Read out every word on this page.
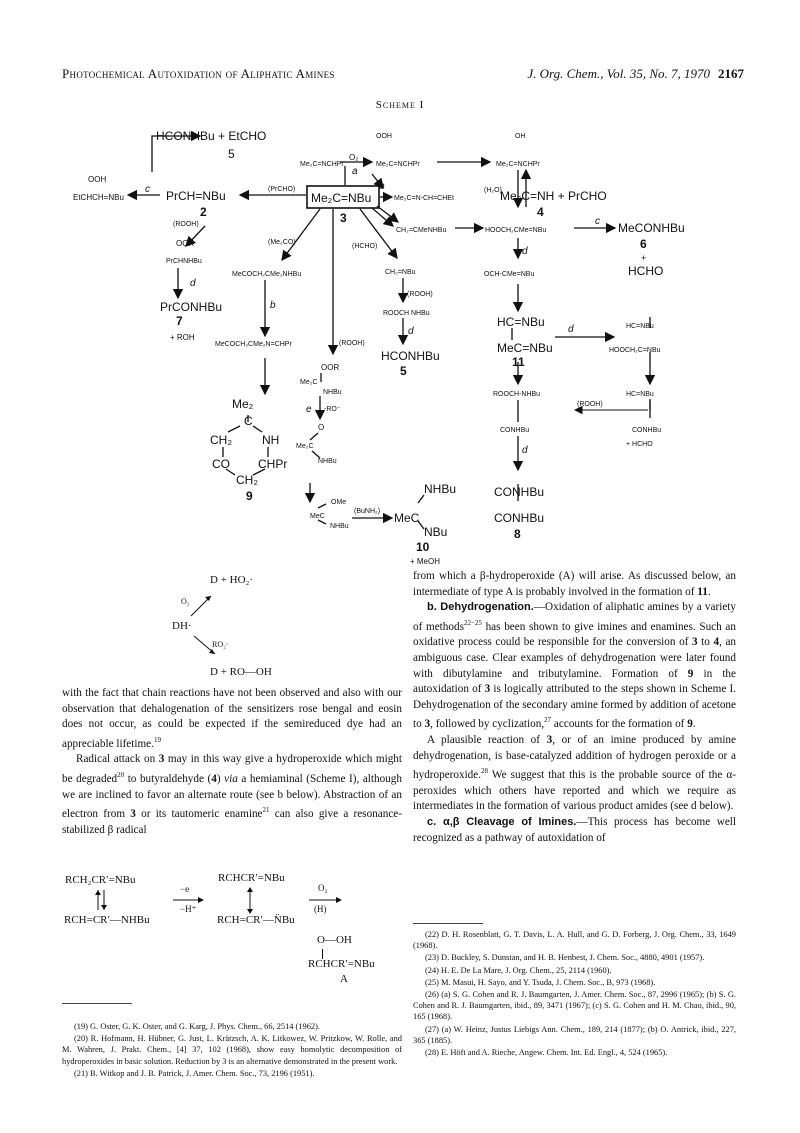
Photochemical Autoxidation of Aliphatic Amines	J. Org. Chem., Vol. 35, No. 7, 1970 2167
Scheme I
HCONHBu + EtCHO
5
OOH
EtCHCH=NBu
c PrCH=NBu	(PrCHO)
2
Me₂C=NBu
3
OOH
Me₂C=NCHPr
O₂
a
Me₂C=NCHPr
OH
Me₂C=NCHPr
(H₂O)
b
Me₂C=N-CH=CHEt	Me₂C=NH + PrCHO
4
(ROOH)
OOR
PrCHNHBu
d
PrCONHBu
7
+ ROH
(Me₂CO)
MeCOCH₂CMe₂NHBu
b
MeCOCH₂CMe₂N=CHPr
(HCHO)
CH₂=NBu
(ROOH)
ROOCH NHBu
d
HCONHBu
5
(ROOH)
CH₂=CMeNHBu	HOOCH₂CMe=NBu
c MeCONHBu
6
+
HCHO
d
OCH-CMe=NBu
HC=NBu
MeC=NBu
11
d	HC=NBu
HOOCH₂C=NBu
ROOCH-NHBu
(ROOH)
HC=NBu
CONHBu	CONHBu
+ HCHO
d
CONHBu
CONHBu
8
Me₂
C
CH₂	NH
CO CHPr
CH₂
9
OOR
Me₂C
NHBu
e -RO⁻
O
Me₂C
NHBu
OMe
MeC
NHBu
(BuNH₂)
NHBu
MeC
NBu
10
+ MeOH
D + HO₂·
O₂
DH·
RO₂·
D + RO—OH

with the fact that chain reactions have not been observed and also with our observation that dehalogenation of the sensitizers rose bengal and eosin does not occur, as could be expected if the semireduced dye had an appreciable lifetime.$^{19}$

Radical attack on 3 may in this way give a hydroperoxide which might be degraded$^{20}$ to butyraldehyde (4) via a hemiaminal (Scheme I), although we are inclined to favor an alternate route (see b below). Abstraction of an electron from 3 or its tautomeric enamine$^{21}$ can also give a resonance-stabilized β radical

RCH₂CR′=NBu
RCH=CR′—NHBu
−e
−H⁺
RCHCR′=NBu
RCH=CR′—N̈Bu
O₂
(H)
O—OH
RCHCR′=NBu
A

from which a β-hydroperoxide (A) will arise. As discussed below, an intermediate of type A is probably involved in the formation of 11.

b. Dehydrogenation.—Oxidation of aliphatic amines by a variety of methods$^{22-25}$ has been shown to give imines and enamines. Such an oxidative process could be responsible for the conversion of 3 to 4, an ambiguous case. Clear examples of dehydrogenation were later found with dibutylamine and tributylamine. Formation of 9 in the autoxidation of 3 is logically attributed to the steps shown in Scheme I. Dehydrogenation of the secondary amine formed by addition of acetone to 3, followed by cyclization,$^{27}$ accounts for the formation of 9.

A plausible reaction of 3, or of an imine produced by amine dehydrogenation, is base-catalyzed addition of hydrogen peroxide or a hydroperoxide.$^{28}$ We suggest that this is the probable source of the α-peroxides which others have reported and which we require as intermediates in the formation of various product amides (see d below).

c. α,β Cleavage of Imines.—This process has become well recognized as a pathway of autoxidation of

(19) G. Oster, G. K. Oster, and G. Karg, J. Phys. Chem., 66, 2514 (1962).

(20) R. Hofmann, H. Hübner, G. Just, L. Krätzsch, A. K. Litkowez, W. Pritzkow, W. Rolle, and M. Wahren, J. Prakt. Chem., [4] 37, 102 (1968), show easy homolytic decomposition of hydroperoxides in basic solution. Reduction by 3 is an alternative demonstrated in the present work.

(21) B. Witkop and J. B. Patrick, J. Amer. Chem. Soc., 73, 2196 (1951).

(22) D. H. Rosenblatt, G. T. Davis, L. A. Hull, and G. D. Forberg, J. Org. Chem., 33, 1649 (1968).

(23) D. Buckley, S. Dunstan, and H. B. Henbest, J. Chem. Soc., 4880, 4901 (1957).

(24) H. E. De La Mare, J. Org. Chem., 25, 2114 (1960).

(25) M. Masui, H. Sayo, and Y. Tsuda, J. Chem. Soc., B, 973 (1968).

(26) (a) S. G. Cohen and R. J. Baumgarten, J. Amer. Chem. Soc., 87, 2996 (1965); (b) S. G. Cohen and R. J. Baumgarten, ibid., 89, 3471 (1967); (c) S. G. Cohen and H. M. Chao, ibid., 90, 165 (1968).

(27) (a) W. Heinz, Justus Liebigs Ann. Chem., 189, 214 (1877); (b) O. Antrick, ibid., 227, 365 (1885).

(28) E. Höft and A. Rieche, Angew. Chem. Int. Ed. Engl., 4, 524 (1965).
